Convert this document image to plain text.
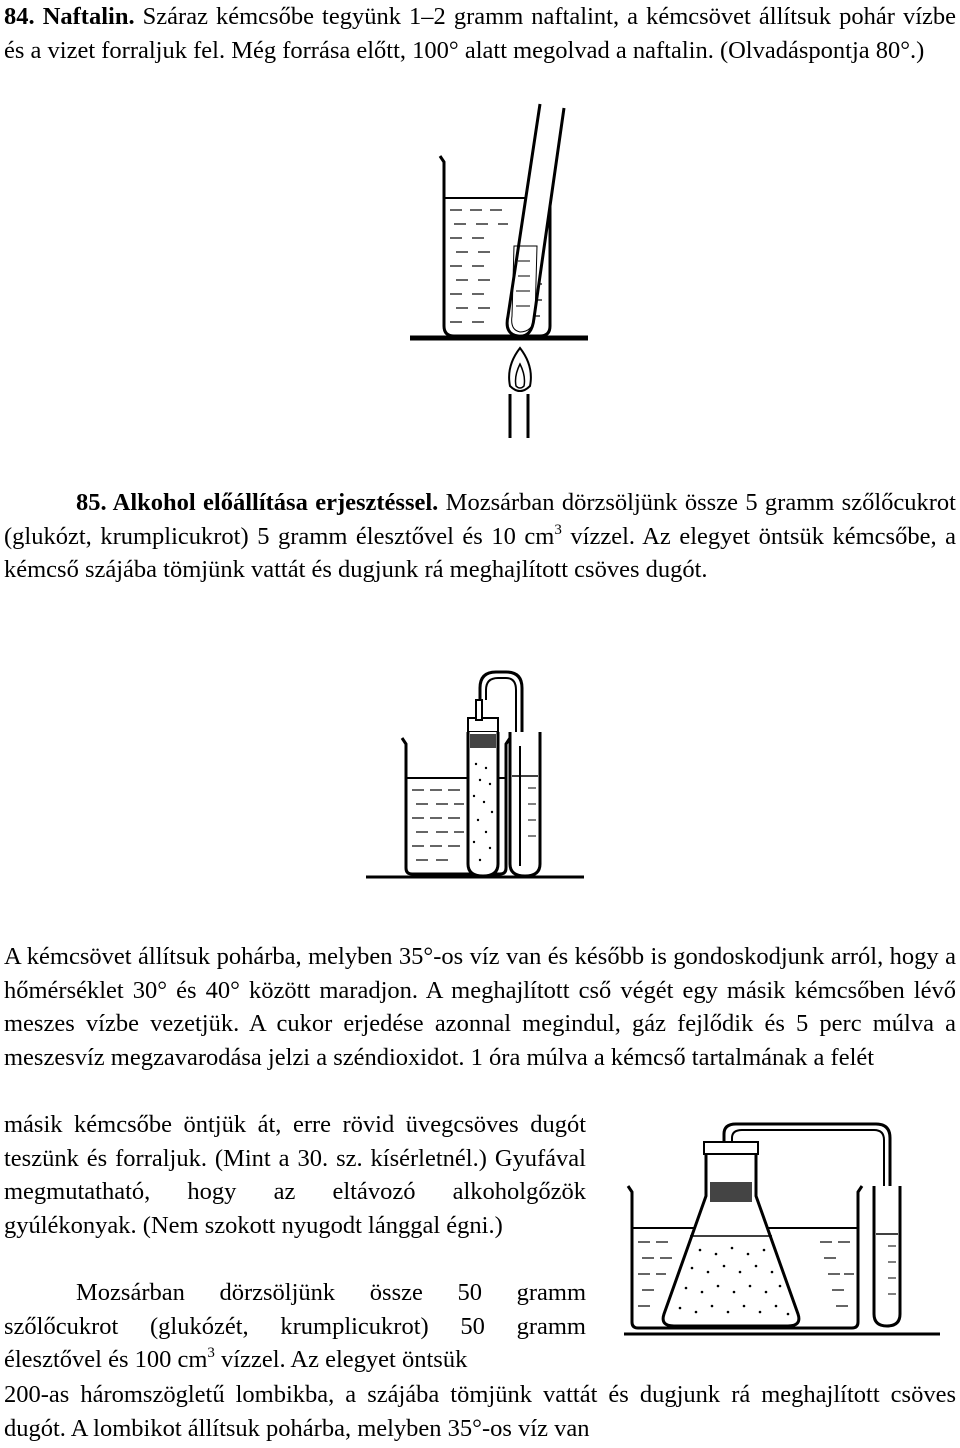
84. Naftalin. Száraz kémcsőbe tegyünk 1–2 gramm naftalint, a kémcsövet állítsuk pohár vízbe és a vizet forraljuk fel. Még forrása előtt, 100° alatt megolvad a naftalin. (Olvadáspontja 80°.)
85. Alkohol előállítása erjesztéssel. Mozsárban dörzsöljünk össze 5 gramm szőlőcukrot (glukózt, krumplicukrot) 5 gramm élesztővel és 10 $cm^3$ vízzel. Az elegyet öntsük kémcsőbe, a kémcső szájába tömjünk vattát és dugjunk rá meghajlított csöves dugót.
A kémcsövet állítsuk pohárba, melyben 35°-os víz van és később is gondoskodjunk arról, hogy a hőmérséklet 30° és 40° között maradjon. A meghajlított cső végét egy másik kémcsőben lévő meszes vízbe vezetjük. A cukor erjedése azonnal megindul, gáz fejlődik és 5 perc múlva a meszesvíz megzavarodása jelzi a széndioxidot. 1 óra múlva a kémcső tartalmának a felét
másik kémcsőbe öntjük át, erre rövid üvegcsöves dugót teszünk és forraljuk. (Mint a 30. sz. kísérletnél.) Gyufával megmutatható, hogy az eltávozó alkoholgőzök gyúlékonyak. (Nem szokott nyugodt lánggal égni.)
Mozsárban dörzsöljünk össze 50 gramm szőlőcukrot (glukózét, krumplicukrot) 50 gramm élesztővel és 100 $cm^3$ vízzel. Az elegyet öntsük
200-as háromszögletű lombikba, a szájába tömjünk vattát és dugjunk rá meghajlított csöves dugót. A lombikot állítsuk pohárba, melyben 35°-os víz van
